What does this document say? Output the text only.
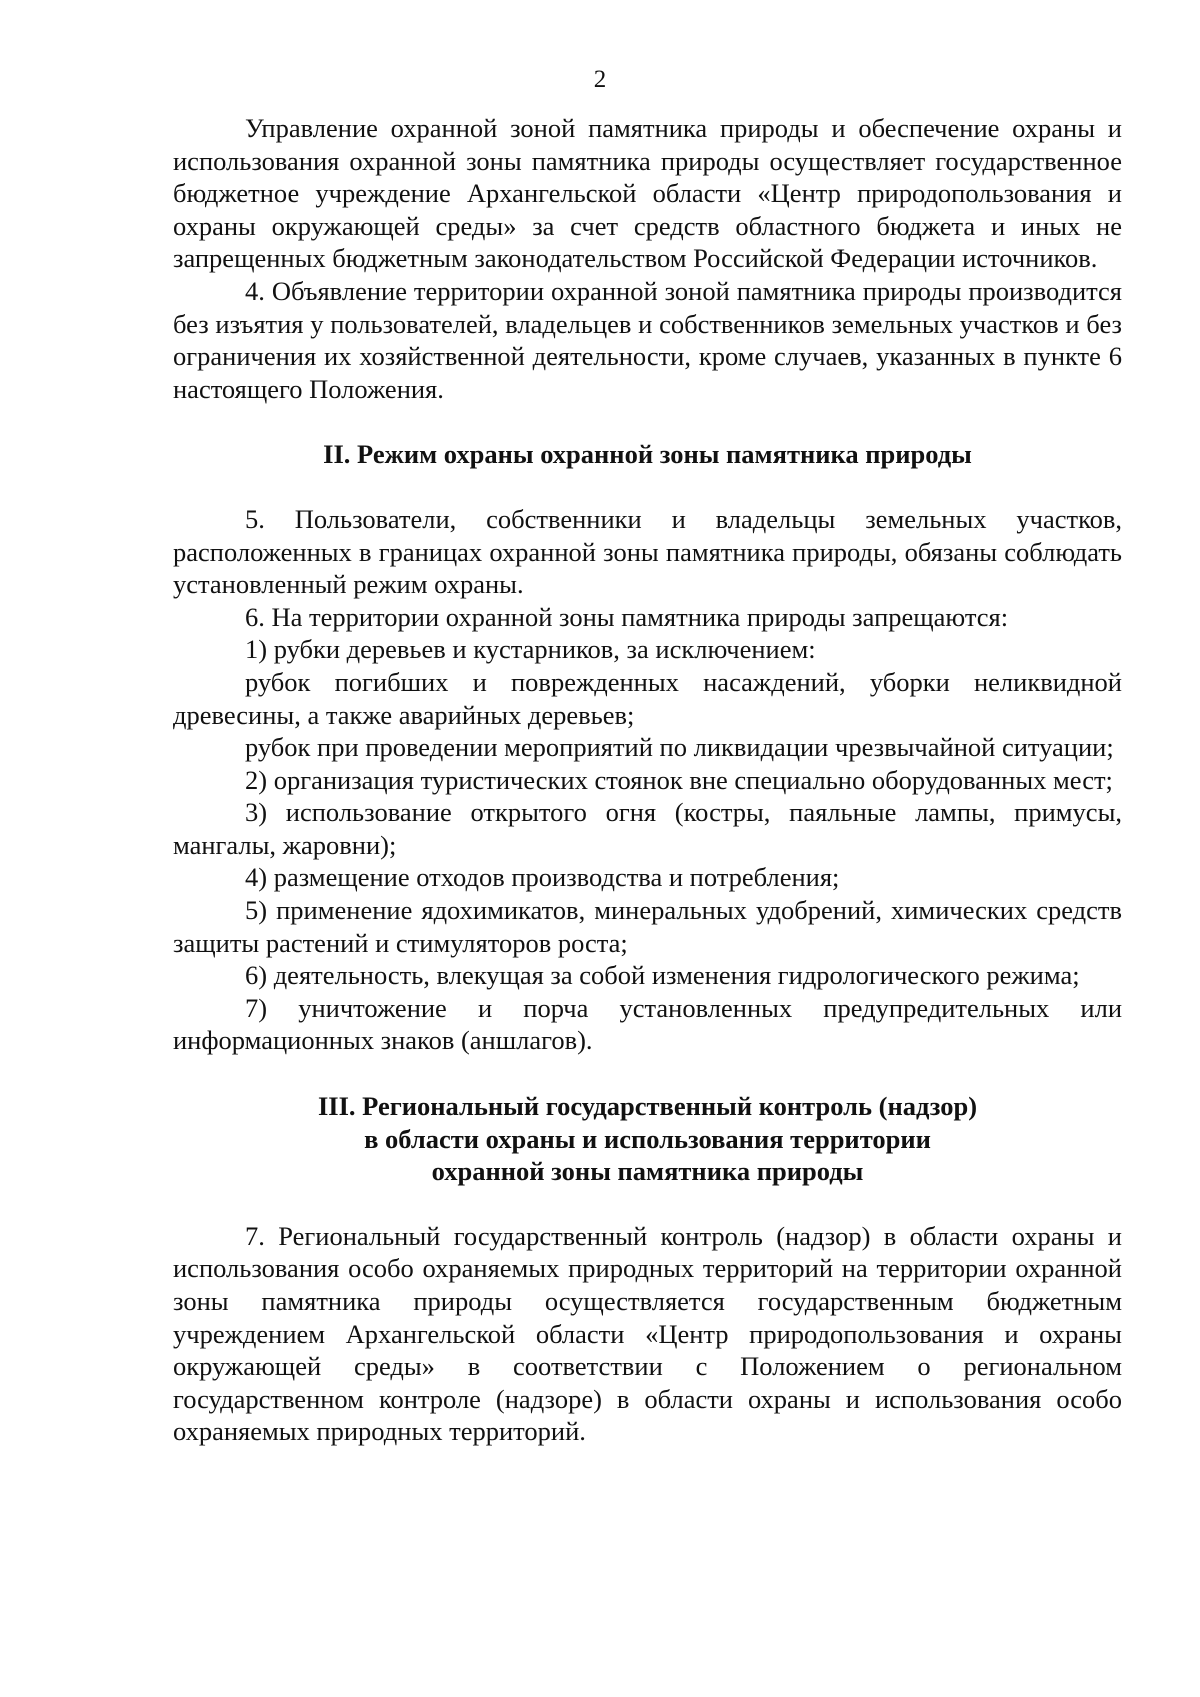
2

Управление охранной зоной памятника природы и обеспечение охраны и использования охранной зоны памятника природы осуществляет государственное бюджетное учреждение Архангельской области «Центр природопользования и охраны окружающей среды» за счет средств областного бюджета и иных не запрещенных бюджетным законодательством Российской Федерации источников.

4. Объявление территории охранной зоной памятника природы производится без изъятия у пользователей, владельцев и собственников земельных участков и без ограничения их хозяйственной деятельности, кроме случаев, указанных в пункте 6 настоящего Положения.

II. Режим охраны охранной зоны памятника природы

5. Пользователи, собственники и владельцы земельных участков, расположенных в границах охранной зоны памятника природы, обязаны соблюдать установленный режим охраны.

6. На территории охранной зоны памятника природы запрещаются:

1) рубки деревьев и кустарников, за исключением:

рубок погибших и поврежденных насаждений, уборки неликвидной древесины, а также аварийных деревьев;

рубок при проведении мероприятий по ликвидации чрезвычайной ситуации;

2) организация туристических стоянок вне специально оборудованных мест;

3) использование открытого огня (костры, паяльные лампы, примусы, мангалы, жаровни);

4) размещение отходов производства и потребления;

5) применение ядохимикатов, минеральных удобрений, химических средств защиты растений и стимуляторов роста;

6) деятельность, влекущая за собой изменения гидрологического режима;

7) уничтожение и порча установленных предупредительных или информационных знаков (аншлагов).

III. Региональный государственный контроль (надзор)
в области охраны и использования территории
охранной зоны памятника природы

7. Региональный государственный контроль (надзор) в области охраны и использования особо охраняемых природных территорий на территории охранной зоны памятника природы осуществляется государственным бюджетным учреждением Архангельской области «Центр природопользования и охраны окружающей среды» в соответствии с Положением о региональном государственном контроле (надзоре) в области охраны и использования особо охраняемых природных территорий.
